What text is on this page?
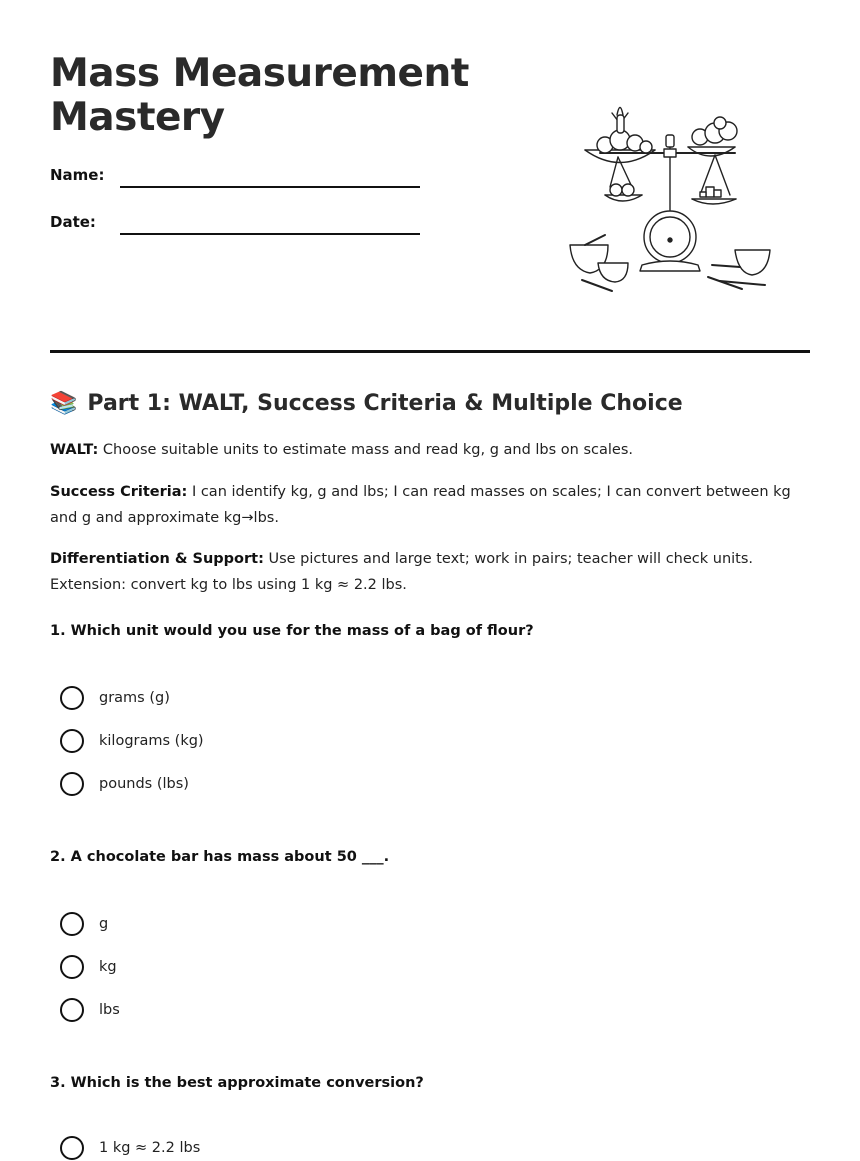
Mass Measurement
Mastery
Name:
Date:
📚 Part 1: WALT, Success Criteria & Multiple Choice

WALT: Choose suitable units to estimate mass and read kg, g and lbs on scales.

Success Criteria: I can identify kg, g and lbs; I can read masses on scales; I can convert between kg and g and approximate kg→lbs.

Differentiation & Support: Use pictures and large text; work in pairs; teacher will check units. Extension: convert kg to lbs using 1 kg ≈ 2.2 lbs.

1. Which unit would you use for the mass of a bag of flour?

grams (g)
kilograms (kg)
pounds (lbs)

2. A chocolate bar has mass about 50 ___.

g
kg
lbs

3. Which is the best approximate conversion?

1 kg ≈ 2.2 lbs
